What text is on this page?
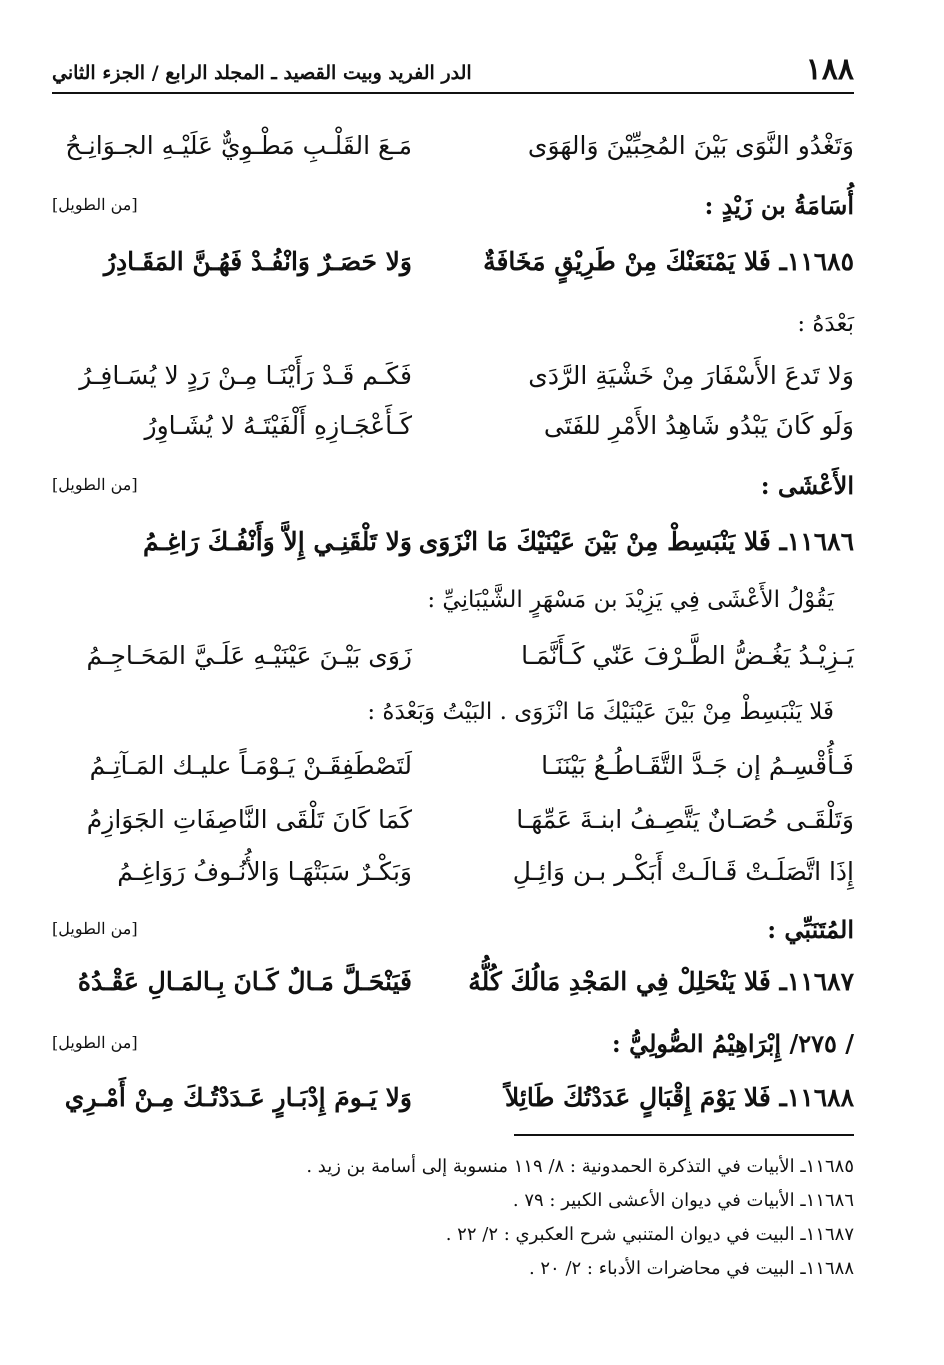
١٨٨
الدر الفريد وبيت القصيد ـ المجلد الرابع / الجزء الثاني
وَتَغْدُو النَّوَى بَيْنَ المُحِبِّيْنَ وَالهَوَى
مَـعَ القَلْـبِ مَطْـوِيٌّ عَلَيْـهِ الجـوَانِـحُ
أُسَامَةُ بن زَيْدٍ :
[من الطويل]
١١٦٨٥ـ فَلا يَمْنَعَنْكَ مِنْ طَرِيْقٍ مَخَافَةٌ
وَلا حَصَـرٌ وَانْفُـدْ فَهُـنَّ المَقَـادِرُ
بَعْدَهُ :
وَلا تَدعَ الأَسْفَارَ مِنْ خَشْيَةِ الرَّدَى
فَكَـم قَـدْ رَأَيْنَـا مِـنْ رَدٍ لا يُسَـافِـرُ
وَلَو كَانَ يَبْدُو شَاهِدُ الأَمْرِ للفَتَى
كَـأَعْجَـازِهِ أَلْفَيْتَـهُ لا يُشَـاوِرُ
الأَعْشَى :
[من الطويل]
١١٦٨٦ـ فَلا يَنْبَسِطْ مِنْ بَيْنَ عَيْنَيْكَ مَا انْزَوَى
وَلا تَلْقَنِـي إِلاَّ وَأَنْفُـكَ رَاغِـمُ
يَقُوْلُ الأَعْشَى فِي يَزِيْدَ بن مَسْهَرٍ الشَّيْبَانِيِّ :
يَـزِيْـدُ يَغُـضُّ الطَّـرْفَ عَنّي كَـأَنَّمَـا
زَوَى بَيْـنَ عَيْنَيْـهِ عَلَـيَّ المَحَـاجِـمُ
فَلا يَنْبَسِطْ مِنْ بَيْنَ عَيْنَيْكَ مَا انْزَوَى . البَيْتُ وَبَعْدَهُ :
فَـأُقْسِـمُ إن جَـدَّ التَّقَـاطُـعُ بَيْنَنَـا
لَتَصْطَفِقَـنْ يَـوْمَـاً عليـك المَـآتِـمُ
وَتَلْقَـى حُصَـانٌ يَتَّصِـفُ ابنـةَ عَمِّهَـا
كَمَا كَانَ تَلْقَى النَّاصِفَاتِ الجَوَازِمُ
إِذَا اتَّصَلَـتْ قَـالَـتْ أَبَكْـر بـن وَائِـلِ
وَبَكْـرٌ سَبَتْهَـا وَالأُنُـوفُ رَوَاغِـمُ
المُتَنَبِّي :
[من الطويل]
١١٦٨٧ـ فَلا يَنْحَلِلْ فِي المَجْدِ مَالُكَ كُلُّهُ
فَيَنْحَـلَّ مَـالٌ كَـانَ بِـالمَـالِ عَقْـدُهُ
/ ٢٧٥/ إِبْرَاهِيْمُ الصُّولِيُّ :
[من الطويل]
١١٦٨٨ـ فَلا يَوْمَ إِقْبَالٍ عَدَدْتُكَ طَائِلاً
وَلا يَـومَ إِدْبَـارٍ عَـدَدْتُـكَ مِـنْ أَمْـرِي
١١٦٨٥ـ الأبيات في التذكرة الحمدونية : ٨/ ١١٩ منسوبة إلى أسامة بن زيد .
١١٦٨٦ـ الأبيات في ديوان الأعشى الكبير : ٧٩ .
١١٦٨٧ـ البيت في ديوان المتنبي شرح العكبري : ٢/ ٢٢ .
١١٦٨٨ـ البيت في محاضرات الأدباء : ٢/ ٢٠ .
